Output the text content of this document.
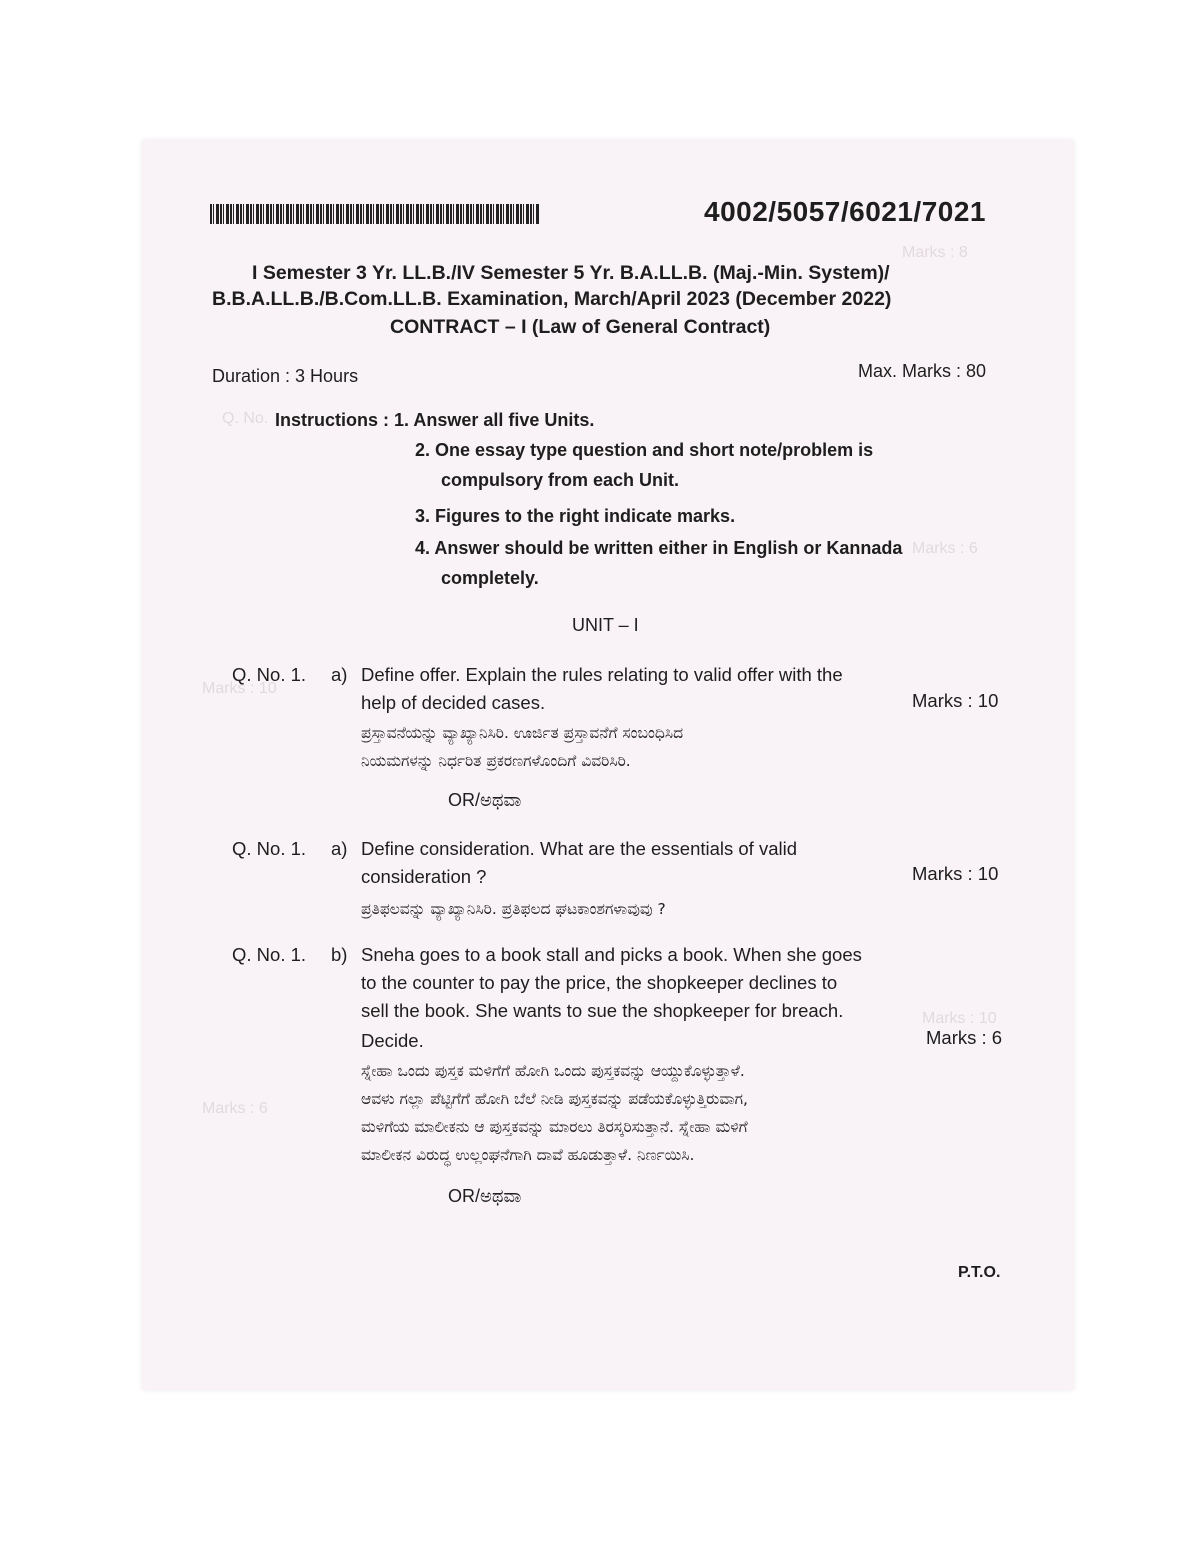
Marks : 8
Q. No.
Marks : 6
Marks : 10
Marks : 10
Marks : 6
4002/5057/6021/7021
I Semester 3 Yr. LL.B./IV Semester 5 Yr. B.A.LL.B. (Maj.-Min. System)/
B.B.A.LL.B./B.Com.LL.B. Examination, March/April 2023 (December 2022)
CONTRACT – I (Law of General Contract)
Duration : 3 Hours	Max. Marks : 80
Instructions : 1. Answer all five Units.
2. One essay type question and short note/problem is
compulsory from each Unit.
3. Figures to the right indicate marks.
4. Answer should be written either in English or Kannada
completely.
UNIT – I
Q. No. 1. a) Define offer. Explain the rules relating to valid offer with the
help of decided cases.	Marks : 10
ಪ್ರಸ್ತಾವನೆಯನ್ನು ವ್ಯಾಖ್ಯಾನಿಸಿರಿ. ಊರ್ಜಿತ ಪ್ರಸ್ತಾವನೆಗೆ ಸಂಬಂಧಿಸಿದ
ನಿಯಮಗಳನ್ನು ನಿರ್ಧರಿತ ಪ್ರಕರಣಗಳೊಂದಿಗೆ ವಿವರಿಸಿರಿ.
OR/ಅಥವಾ
Q. No. 1. a) Define consideration. What are the essentials of valid
consideration ?	Marks : 10
ಪ್ರತಿಫಲವನ್ನು ವ್ಯಾಖ್ಯಾನಿಸಿರಿ. ಪ್ರತಿಫಲದ ಘಟಕಾಂಶಗಳಾವುವು ?
Q. No. 1. b) Sneha goes to a book stall and picks a book. When she goes
to the counter to pay the price, the shopkeeper declines to
sell the book. She wants to sue the shopkeeper for breach.
Decide.	Marks : 6
ಸ್ನೇಹಾ ಒಂದು ಪುಸ್ತಕ ಮಳಿಗೆಗೆ ಹೋಗಿ ಒಂದು ಪುಸ್ತಕವನ್ನು ಆಯ್ದುಕೊಳ್ಳುತ್ತಾಳೆ.
ಆವಳು ಗಲ್ಲಾ ಪೆಟ್ಟಿಗೆಗೆ ಹೋಗಿ ಬೆಲೆ ನೀಡಿ ಪುಸ್ತಕವನ್ನು ಪಡೆಯಕೊಳ್ಳುತ್ತಿರುವಾಗ,
ಮಳಿಗೆಯ ಮಾಲೀಕನು ಆ ಪುಸ್ತಕವನ್ನು ಮಾರಲು ತಿರಸ್ಕರಿಸುತ್ತಾನೆ. ಸ್ನೇಹಾ ಮಳಿಗೆ
ಮಾಲೀಕನ ವಿರುದ್ಧ ಉಲ್ಲಂಘನೆಗಾಗಿ ದಾವೆ ಹೂಡುತ್ತಾಳೆ. ನಿರ್ಣಯಿಸಿ.
OR/ಅಥವಾ
P.T.O.
